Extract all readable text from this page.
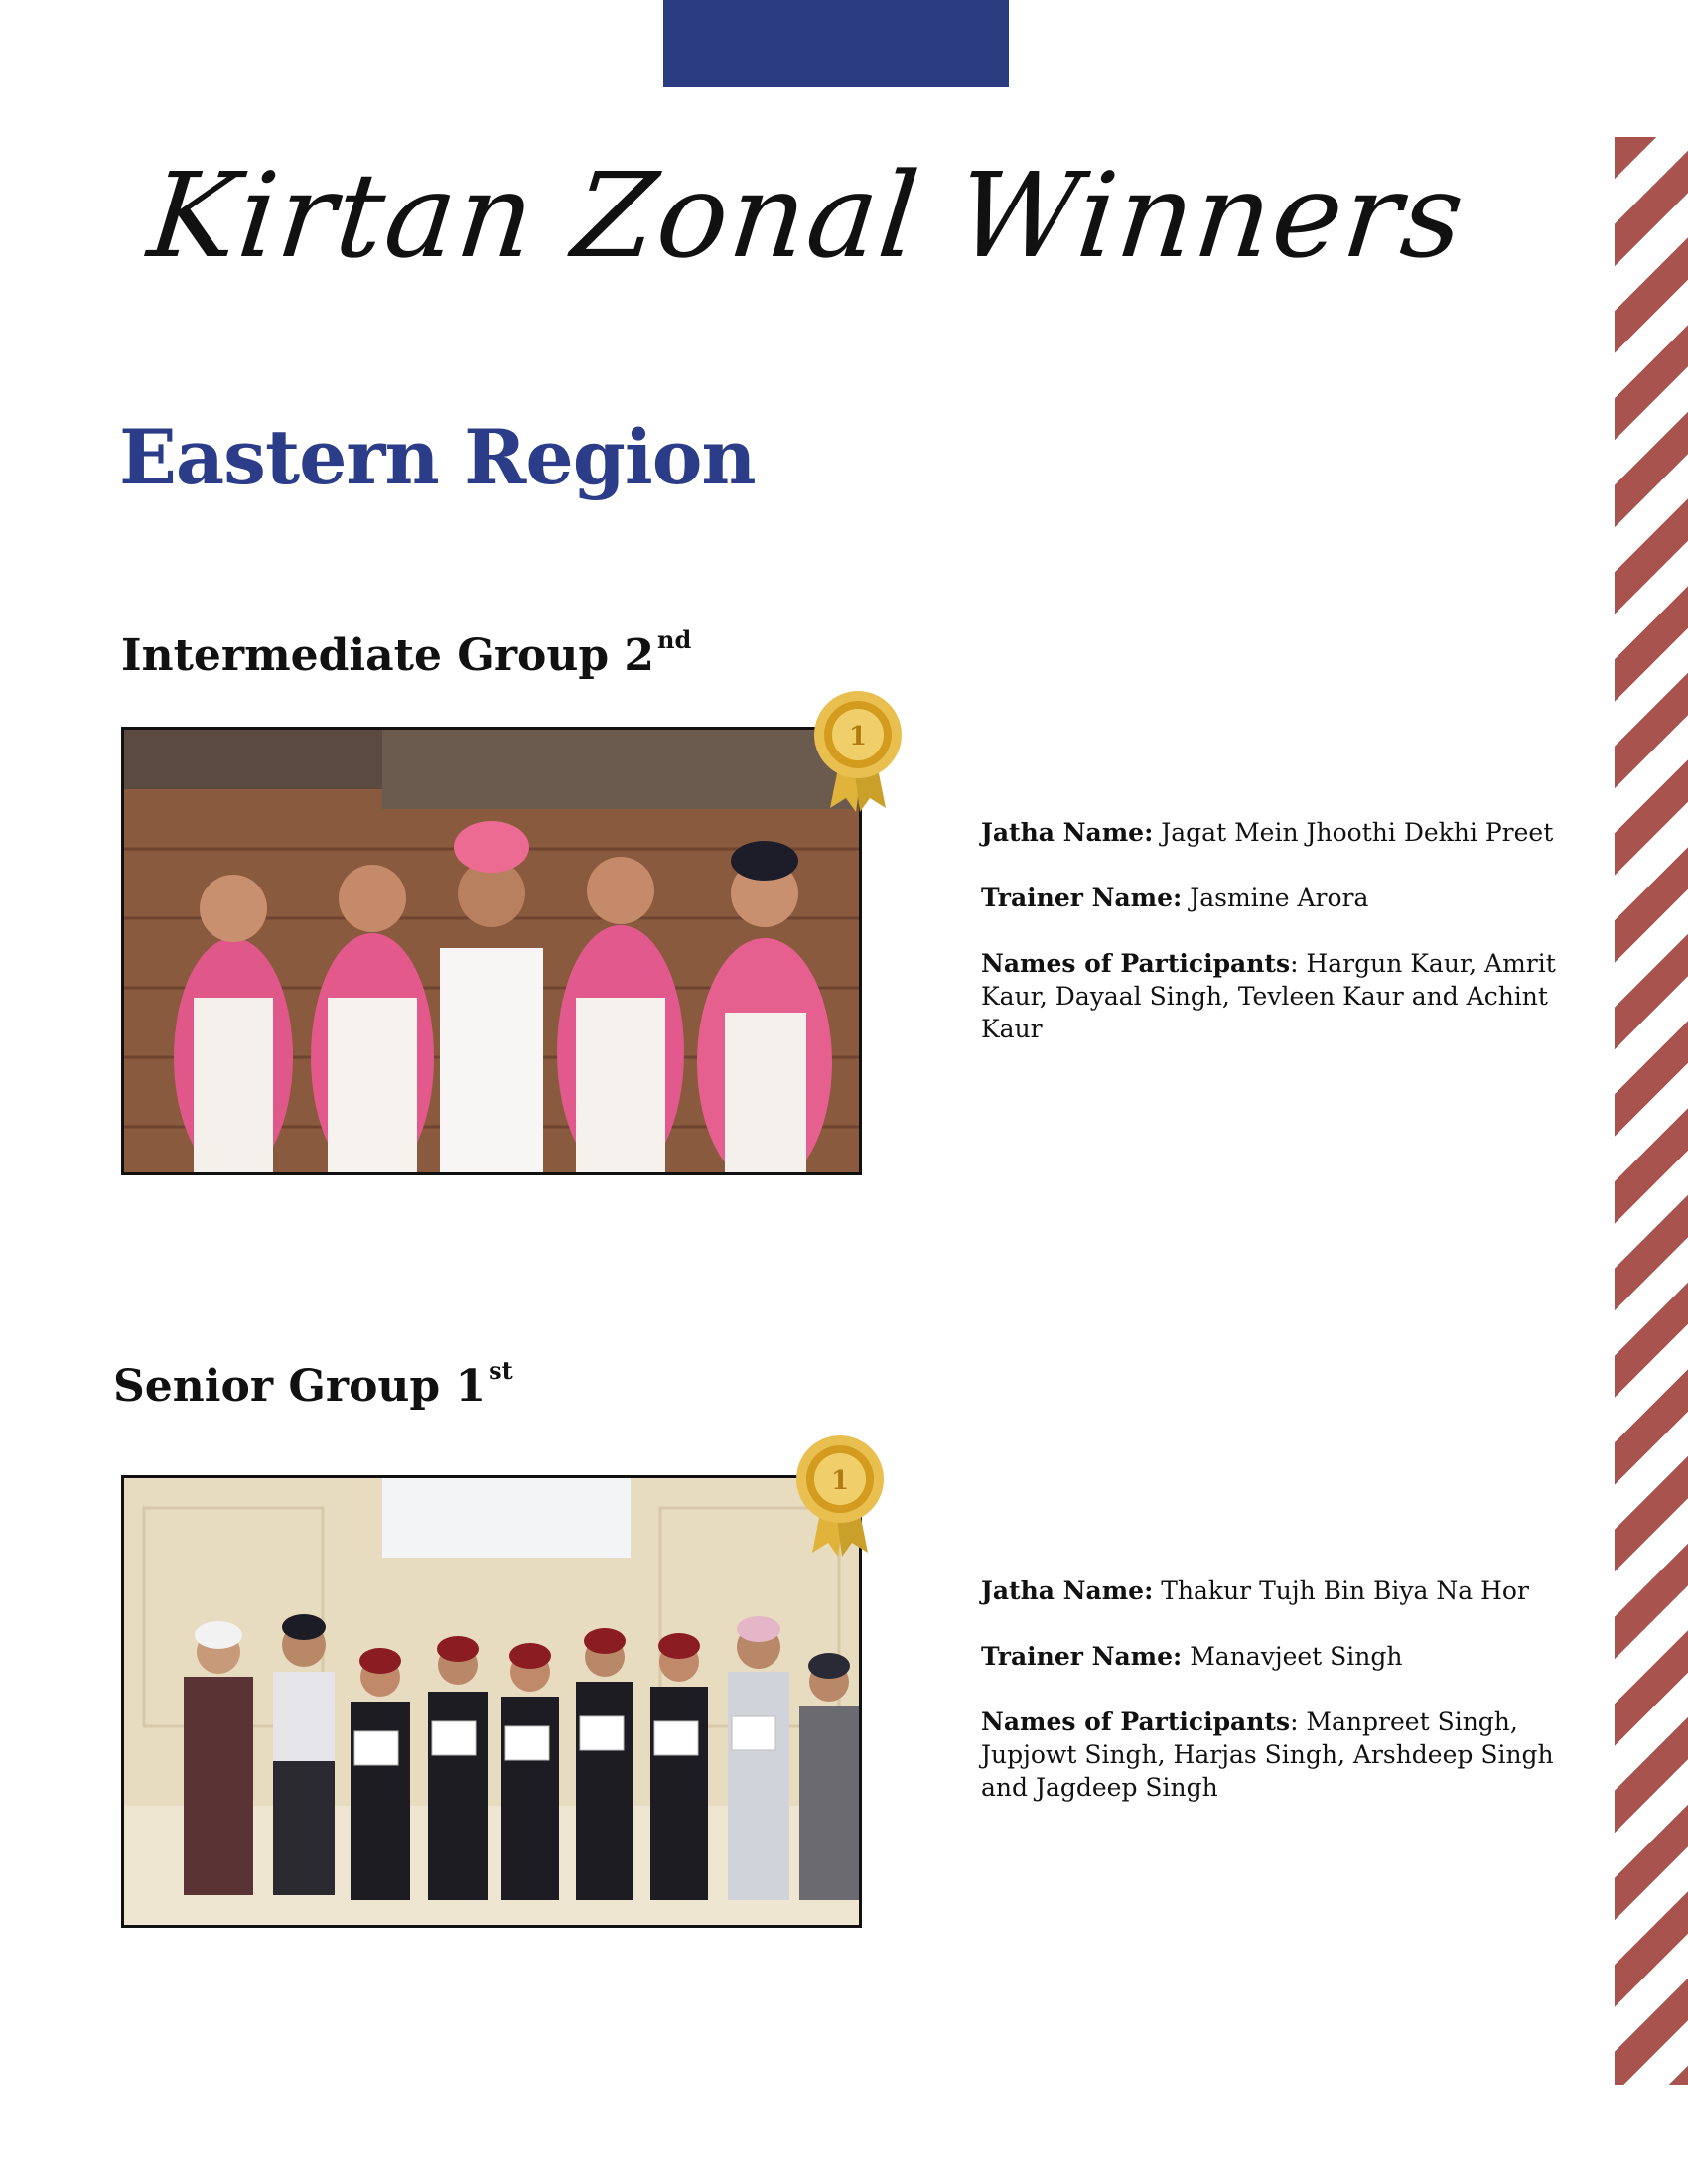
Kirtan Zonal Winners
Eastern Region
Intermediate Group 2 $^{nd}$
1

Jatha Name: Jagat Mein Jhoothi Dekhi Preet

Trainer Name: Jasmine Arora

Names of Participants: Hargun Kaur, Amrit Kaur, Dayaal Singh, Tevleen Kaur and Achint Kaur

Senior Group 1 $^{st}$
1

Jatha Name: Thakur Tujh Bin Biya Na Hor

Trainer Name: Manavjeet Singh

Names of Participants: Manpreet Singh, Jupjowt Singh, Harjas Singh, Arshdeep Singh and Jagdeep Singh
